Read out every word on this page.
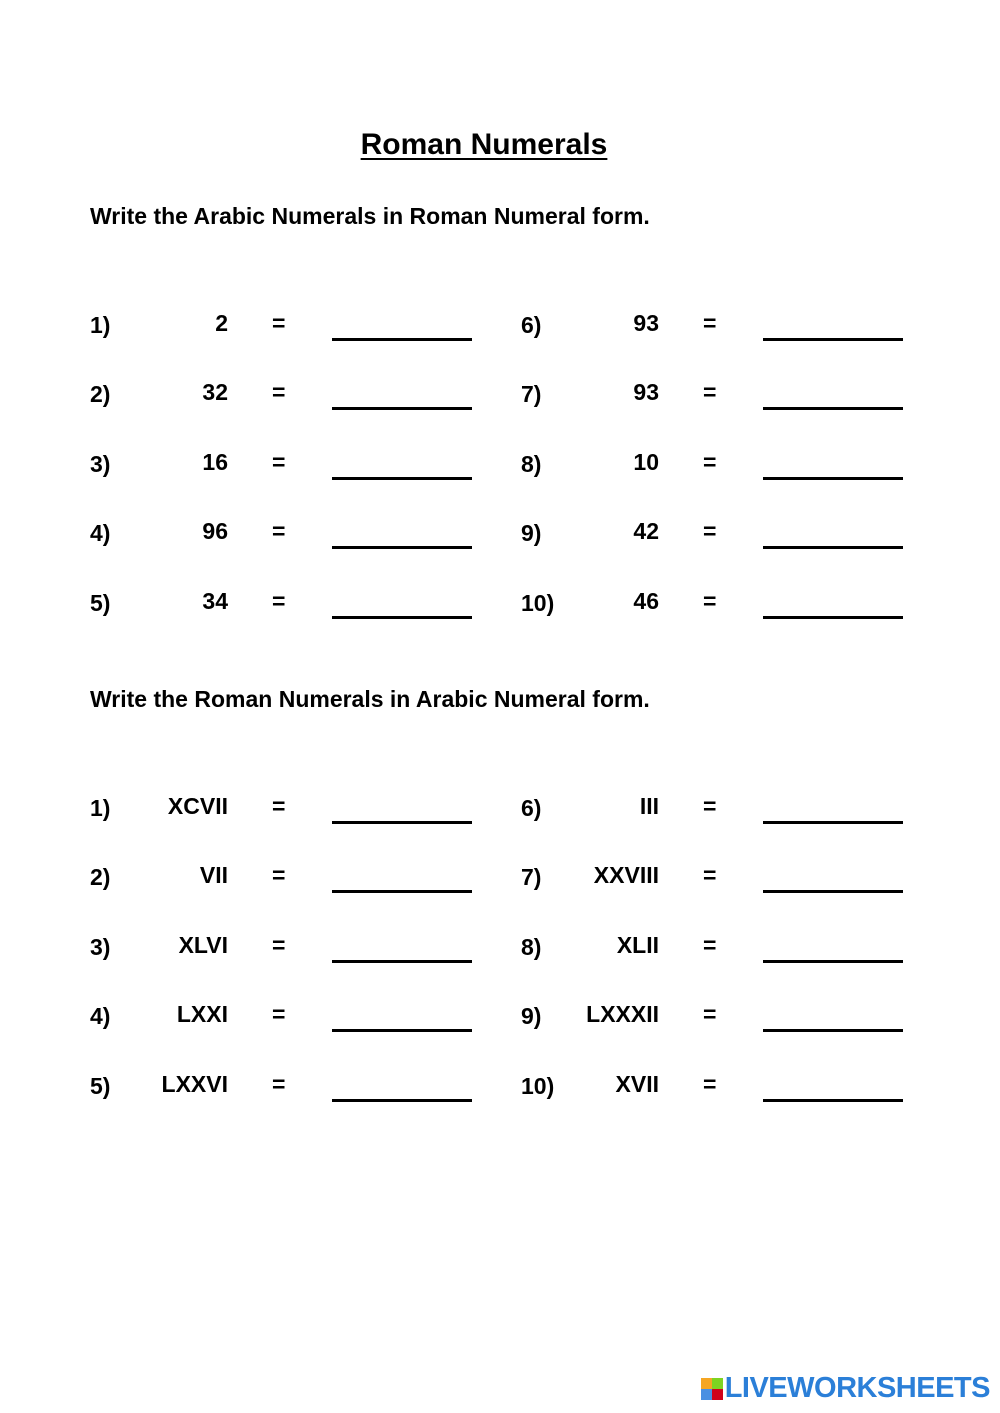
Roman Numerals
Write the Arabic Numerals in Roman Numeral form.
1)	2 =
2)	32 =
3)	16 =
4)	96 =
5)	34 =
6)	93 =
7)	93 =
8)	10 =
9)	42 =
10)	46 =
Write the Roman Numerals in Arabic Numeral form.
1) XCVII =
2)	VII =
3)	XLVI =
4)	LXXI =
5) LXXVI =
6)	III =
7) XXVIII =
8)	XLII =
9) LXXXII =
10)	XVII =
LIVEWORKSHEETS
